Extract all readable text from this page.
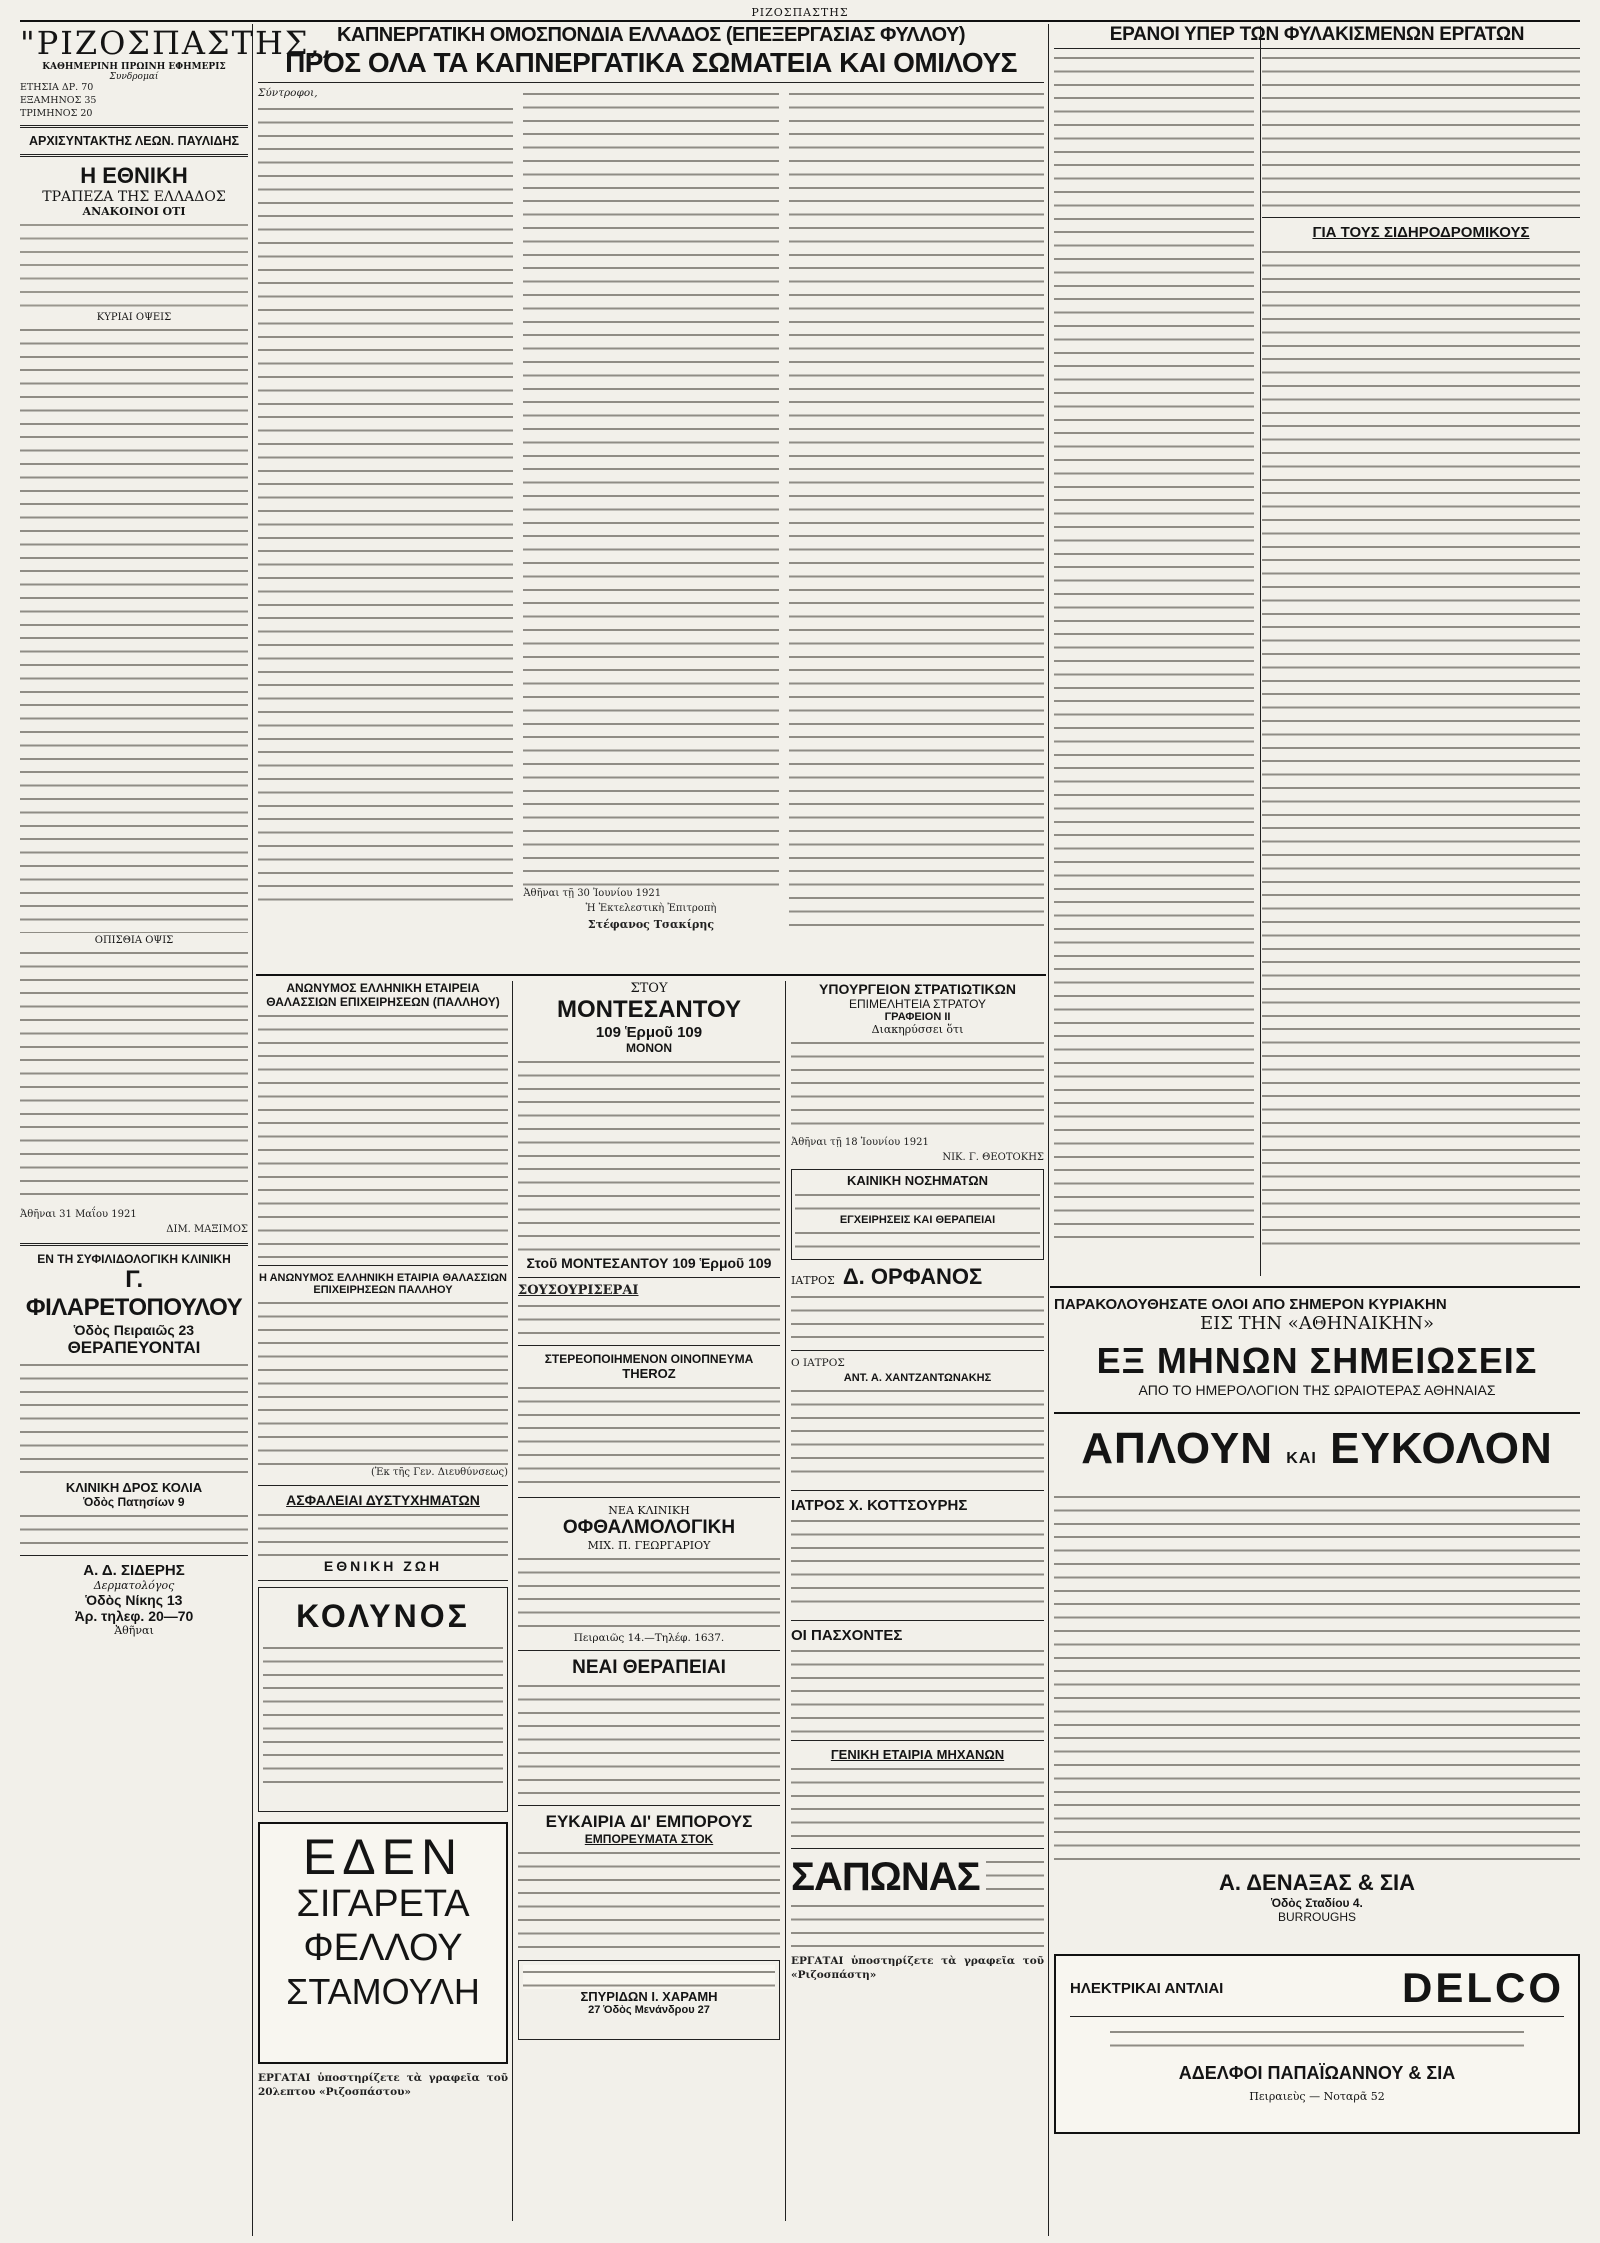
ΡΙΖΟΣΠΑΣΤΗΣ
"ΡΙΖΟΣΠΑΣΤΗΣ,,
ΚΑΘΗΜΕΡΙΝΗ ΠΡΩΙΝΗ ΕΦΗΜΕΡΙΣ
Συνδρομαί
ΕΤΗΣΙΑ ΔΡ. 70
ΕΞΑΜΗΝΟΣ 35
ΤΡΙΜΗΝΟΣ 20
ΑΡΧΙΣΥΝΤΑΚΤΗΣ ΛΕΩΝ. ΠΑΥΛΙΔΗΣ
Η ΕΘΝΙΚΗ
ΤΡΑΠΕΖΑ ΤΗΣ ΕΛΛΑΔΟΣ
ΑΝΑΚΟΙΝΟΙ ΟΤΙ
ΚΥΡΙΑΙ ΟΨΕΙΣ
ΟΠΙΣΘΙΑ ΟΨΙΣ
Ἀθῆναι 31 Μαΐου 1921
ΔΙΜ. ΜΑΞΙΜΟΣ
ΕΝ ΤΗ ΣΥΦΙΛΙΔΟΛΟΓΙΚΗ ΚΛΙΝΙΚΗ
Γ. ΦΙΛΑΡΕΤΟΠΟΥΛΟΥ
Ὁδὸς Πειραιῶς 23
ΘΕΡΑΠΕΥΟΝΤΑΙ
ΚΛΙΝΙΚΗ ΔΡΟΣ ΚΟΛΙΑ
Ὁδὸς Πατησίων 9
Α. Δ. ΣΙΔΕΡΗΣ
Δερματολόγος
Ὁδὸς Νίκης 13
Ἀρ. τηλεφ. 20—70
Ἀθῆναι
ΚΑΠΝΕΡΓΑΤΙΚΗ ΟΜΟΣΠΟΝΔΙΑ ΕΛΛΑΔΟΣ (ΕΠΕΞΕΡΓΑΣΙΑΣ ΦΥΛΛΟΥ)
ΠΡΟΣ ΟΛΑ ΤΑ ΚΑΠΝΕΡΓΑΤΙΚΑ ΣΩΜΑΤΕΙΑ ΚΑΙ ΟΜΙΛΟΥΣ
Σύντροφοι,
Ἀθῆναι τῇ 30 Ἰουνίου 1921
Ἡ Ἐκτελεστικὴ Ἐπιτροπὴ
Στέφανος Τσακίρης
ΑΝΩΝΥΜΟΣ ΕΛΛΗΝΙΚΗ ΕΤΑΙΡΕΙΑ ΘΑΛΑΣΣΙΩΝ ΕΠΙΧΕΙΡΗΣΕΩΝ (ΠΑΛΛΗΟΥ)
Η ΑΝΩΝΥΜΟΣ ΕΛΛΗΝΙΚΗ ΕΤΑΙΡΙΑ ΘΑΛΑΣΣΙΩΝ ΕΠΙΧΕΙΡΗΣΕΩΝ ΠΑΛΛΗΟΥ
(Ἐκ τῆς Γεν. Διευθύνσεως)
ΑΣΦΑΛΕΙΑΙ ΔΥΣΤΥΧΗΜΑΤΩΝ
ΕΘΝΙΚΗ ΖΩΗ
ΚΟΛΥΝΟΣ
ΕΔΕΝ
ΣΙΓΑΡΕΤΑ
ΦΕΛΛΟΥ
ΣΤΑΜΟΥΛΗ
ΕΡΓΑΤΑΙ ὑποστηρίζετε τὰ γραφεῖα τοῦ 20λεπτου «Ριζοσπάστου»
ΣΤΟΥ
ΜΟΝΤΕΣΑΝΤΟΥ
109 Ἑρμοῦ 109
ΜΟΝΟΝ
Στοῦ ΜΟΝΤΕΣΑΝΤΟΥ 109 Ἑρμοῦ 109
ΣΟΥΣΟΥΡΙΣΕΡΑΙ
ΣΤΕΡΕΟΠΟΙΗΜΕΝΟΝ ΟΙΝΟΠΝΕΥΜΑ
THEROZ
ΝΕΑ ΚΛΙΝΙΚΗ
ΟΦΘΑΛΜΟΛΟΓΙΚΗ
ΜΙΧ. Π. ΓΕΩΡΓΑΡΙΟΥ
Πειραιῶς 14.—Τηλέφ. 1637.
ΝΕΑΙ ΘΕΡΑΠΕΙΑΙ
ΕΥΚΑΙΡΙΑ ΔΙ' ΕΜΠΟΡΟΥΣ
ΕΜΠΟΡΕΥΜΑΤΑ ΣΤΟΚ
ΣΠΥΡΙΔΩΝ Ι. ΧΑΡΑΜΗ
27 Ὁδὸς Μενάνδρου 27
ΥΠΟΥΡΓΕΙΟΝ ΣΤΡΑΤΙΩΤΙΚΩΝ
ΕΠΙΜΕΛΗΤΕΙΑ ΣΤΡΑΤΟΥ
ΓΡΑΦΕΙΟΝ ΙΙ
Διακηρύσσει ὅτι
Ἀθῆναι τῇ 18 Ἰουνίου 1921
ΝΙΚ. Γ. ΘΕΟΤΟΚΗΣ
ΚΑΙΝΙΚΗ ΝΟΣΗΜΑΤΩΝ
ΕΓΧΕΙΡΗΣΕΙΣ ΚΑΙ ΘΕΡΑΠΕΙΑΙ
ΙΑΤΡΟΣ Δ. ΟΡΦΑΝΟΣ
Ο ΙΑΤΡΟΣ
ΑΝΤ. Α. ΧΑΝΤΖΑΝΤΩΝΑΚΗΣ
ΙΑΤΡΟΣ Χ. ΚΟΤΤΣΟΥΡΗΣ
ΟΙ ΠΑΣΧΟΝΤΕΣ
ΓΕΝΙΚΗ ΕΤΑΙΡΙΑ ΜΗΧΑΝΩΝ
ΣΑΠΩΝΑΣ
ΕΡΓΑΤΑΙ ὑποστηρίζετε τὰ γραφεῖα τοῦ «Ριζοσπάστη»
ΕΡΑΝΟΙ ΥΠΕΡ ΤΩΝ ΦΥΛΑΚΙΣΜΕΝΩΝ ΕΡΓΑΤΩΝ
ΓΙΑ ΤΟΥΣ ΣΙΔΗΡΟΔΡΟΜΙΚΟΥΣ
ΠΑΡΑΚΟΛΟΥΘΗΣΑΤΕ ΟΛΟΙ ΑΠΟ ΣΗΜΕΡΟΝ ΚΥΡΙΑΚΗΝ
ΕΙΣ ΤΗΝ «ΑΘΗΝΑΙΚΗΝ»
ΕΞ ΜΗΝΩΝ ΣΗΜΕΙΩΣΕΙΣ
ΑΠΟ ΤΟ ΗΜΕΡΟΛΟΓΙΟΝ ΤΗΣ ΩΡΑΙΟΤΕΡΑΣ ΑΘΗΝΑΙΑΣ
ΑΠΛΟΥΝ ΚΑΙ ΕΥΚΟΛΟΝ
Α. ΔΕΝΑΞΑΣ & ΣΙΑ
Ὁδὸς Σταδίου 4.
BURROUGHS
ΗΛΕΚΤΡΙΚΑΙ ΑΝΤΛΙΑΙ	DELCO
ΑΔΕΛΦΟΙ ΠΑΠΑΪΩΑΝΝΟΥ & ΣΙΑ
Πειραιεὺς — Νοταρᾶ 52
